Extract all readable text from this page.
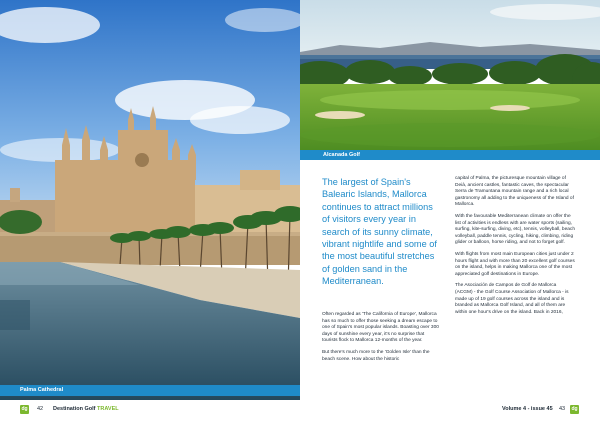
Palma Cathedral
Alcanada Golf
The largest of Spain's Balearic Islands, Mallorca continues to attract millions of visitors every year in search of its sunny climate, vibrant nightlife and some of the most beautiful stretches of golden sand in the Mediterranean.

Often regarded as 'The California of Europe', Mallorca has so much to offer those seeking a dream escape to one of Spain's most popular islands. Boasting over 300 days of sunshine every year, it's no surprise that tourists flock to Mallorca 12-months of the year.

But there's much more to the 'Golden Isle' than the beach scene. How about the historic

capital of Palma, the picturesque mountain village of Deià, ancient castles, fantastic caves, the spectacular Serra de Tramuntana mountain range and a rich local gastronomy all adding to the uniqueness of the Island of Mallorca.

With the favourable Mediterranean climate on offer the list of activities is endless with are water sports (sailing, surfing, kite-surfing, diving, etc), tennis, volleyball, beach volleyball, paddle tennis, cycling, hiking, climbing, riding glider or balloon, horse riding, and not to forget golf.

With flights from most main European cities just under 2 hours flight and with more than 20 excellent golf courses on the island, helps in making Mallorca one of the most appreciated golf destinations in Europe.

The Asociación de Campos de Golf de Mallorca (ACGM) - the Golf Course Association of Mallorca - is made up of 19 golf courses across the island and is branded as Mallorca Golf Island, and all of them are within one hour's drive on the island. Back in 2016,

dg 42 Destination Golf TRAVEL	Volume 4 - issue 45 43 dg
